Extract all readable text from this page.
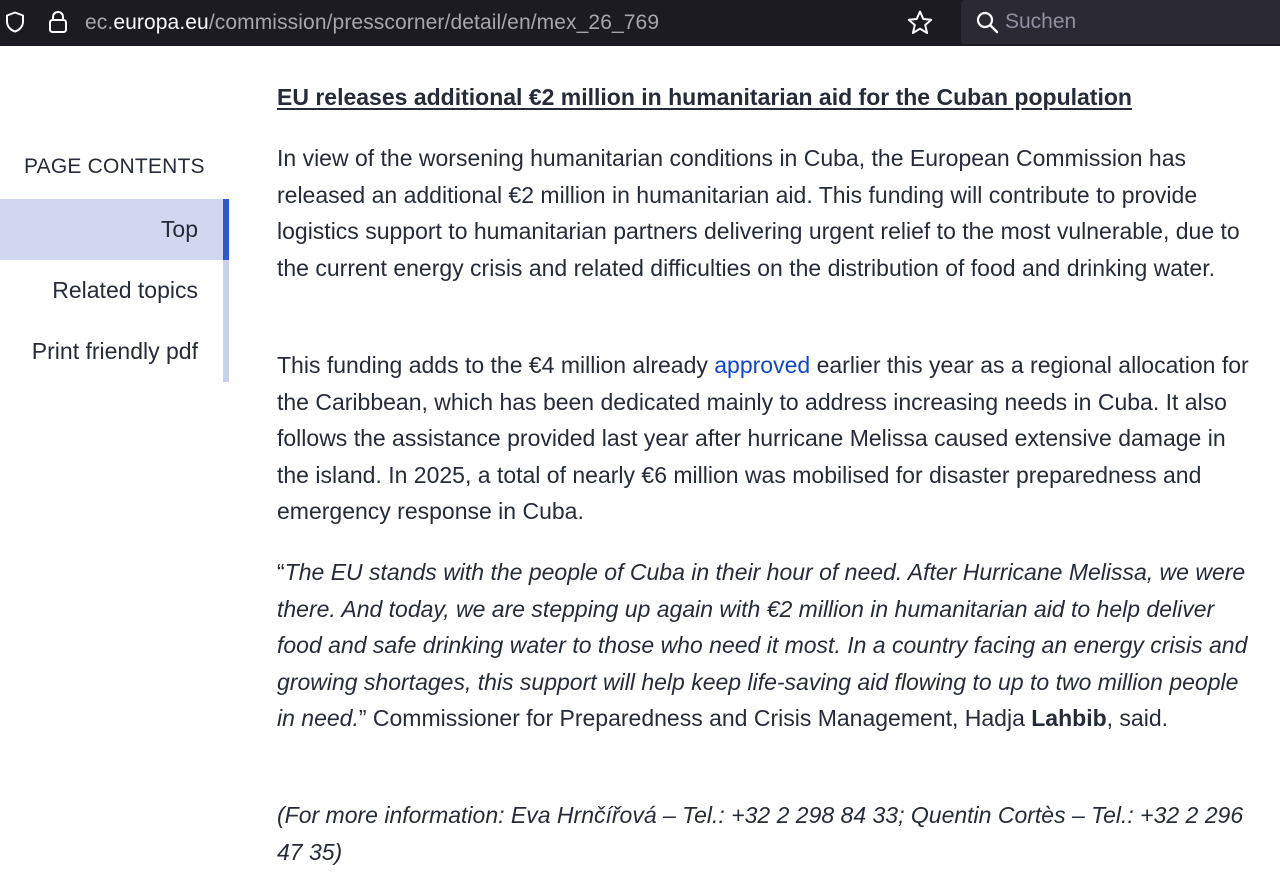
ec.europa.eu/commission/presscorner/detail/en/mex_26_769
Suchen
PAGE CONTENTS
Top
Related topics
Print friendly pdf
EU releases additional €2 million in humanitarian aid for the Cuban population

In view of the worsening humanitarian conditions in Cuba, the European Commission has released an additional €2 million in humanitarian aid. This funding will contribute to provide logistics support to humanitarian partners delivering urgent relief to the most vulnerable, due to the current energy crisis and related difficulties on the distribution of food and drinking water.

This funding adds to the €4 million already approved earlier this year as a regional allocation for the Caribbean, which has been dedicated mainly to address increasing needs in Cuba. It also follows the assistance provided last year after hurricane Melissa caused extensive damage in the island. In 2025, a total of nearly €6 million was mobilised for disaster preparedness and emergency response in Cuba.

“The EU stands with the people of Cuba in their hour of need. After Hurricane Melissa, we were there. And today, we are stepping up again with €2 million in humanitarian aid to help deliver food and safe drinking water to those who need it most. In a country facing an energy crisis and growing shortages, this support will help keep life-saving aid flowing to up to two million people in need.” Commissioner for Preparedness and Crisis Management, Hadja Lahbib, said.

(For more information: Eva Hrnčířová – Tel.: +32 2 298 84 33; Quentin Cortès – Tel.: +32 2 296 47 35)
